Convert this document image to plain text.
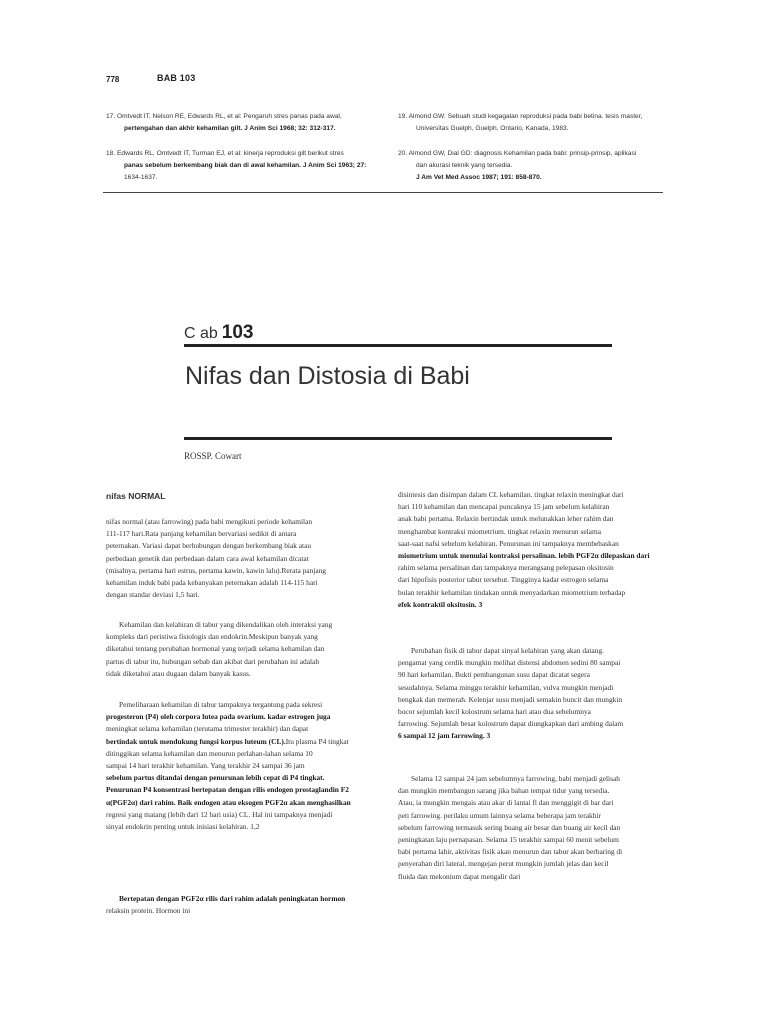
778	BAB 103
17. Omtvedt IT, Nelson RE, Edwards RL, et al: Pengaruh stres panas pada awal,
pertengahan dan akhir kehamilan gilt. J Anim Sci 1968; 32: 312-317.
18. Edwards RL, Omtvedt IT, Turman EJ, et al: kinerja reproduksi gilt berikut stres
panas sebelum berkembang biak dan di awal kehamilan. J Anim Sci 1963; 27:
1634-1637.
19. Almond GW: Sebuah studi kegagalan reproduksi pada babi betina. tesis master,
Universitas Guelph, Guelph, Ontario, Kanada, 1983.
20. Almond GW, Dial GD: diagnosis Kehamilan pada babi: prinsip-prinsip, aplikasi
dan akurasi teknik yang tersedia.
J Am Vet Med Assoc 1987; 191: 858-870.
C ab 103
Nifas dan Distosia di Babi
ROSSP. Cowart
nifas NORMAL
nifas normal (atau farrowing) pada babi mengikuti periode kehamilan
111-117 hari.Rata panjang kehamilan bervariasi sedikit di antara
peternakan. Variasi dapat berhubungan dengan berkembang biak atau
perbedaan genetik dan perbedaan dalam cara awal kehamilan dicatat
(misalnya, pertama hari estrus, pertama kawin, kawin lalu).Rerata panjang
kehamilan induk babi pada kebanyakan peternakan adalah 114-115 hari
dengan standar deviasi 1,5 hari.
Kehamilan dan kelahiran di tabur yang dikendalikan oleh interaksi yang
kompleks dari peristiwa fisiologis dan endokrin.Meskipun banyak yang
diketahui tentang perubahan hormonal yang terjadi selama kehamilan dan
partus di tabur itu, hubungan sebab dan akibat dari perubahan ini adalah
tidak diketahui atau dugaan dalam banyak kasus.
Pemeliharaan kehamilan di tabur tampaknya tergantung pada sekresi
progesteron (P4) oleh corpora lutea pada ovarium. kadar estrogen juga
meningkat selama kehamilan (terutama trimester terakhir) dan dapat
bertindak untuk mendukung fungsi korpus luteum (CL).Itu plasma P4 tingkat
ditinggikan selama kehamilan dan menurun perlahan-lahan selama 10
sampai 14 hari terakhir kehamilan. Yang terakhir 24 sampai 36 jam
sebelum partus ditandai dengan penurunan lebih cepat di P4 tingkat.
Penurunan P4 konsentrasi bertepatan dengan rilis endogen prostaglandin F2
α(PGF2α) dari rahim. Baik endogen atau eksogen PGF2α akan menghasilkan
regresi yang matang (lebih dari 12 hari usia) CL. Hal ini tampaknya menjadi
sinyal endokrin penting untuk inisiasi kelahiran. 1,2
Bertepatan dengan PGF2α rilis dari rahim adalah peningkatan hormon
relaksin protein. Hormon ini
disintesis dan disimpan dalam CL kehamilan. tingkat relaxin meningkat dari
hari 110 kehamilan dan mencapai puncaknya 15 jam sebelum kelahiran
anak babi pertama. Relaxin bertindak untuk melunakkan leher rahim dan
menghambat kontraksi miometrium. tingkat relaxin menurun selama
saat-saat nafsi sebelum kelahiran. Penurunan ini tampaknya membebaskan
miometrium untuk memulai kontraksi persalinan. lebih PGF2α dilepaskan dari
rahim selama persalinan dan tampaknya merangsang pelepasan oksitosin
dari hipofisis posterior tabur tersebut. Tingginya kadar estrogen selama
bulan terakhir kehamilan tindakan untuk menyadarkan miometrium terhadap
efek kontraktil oksitosin. 3
Perubahan fisik di tabur dapat sinyal kelahiran yang akan datang.
pengamat yang cerdik mungkin melihat distensi abdomen sedini 80 sampai
90 hari kehamilan. Bukti pembangunan susu dapat dicatat segera
sesudahnya. Selama minggu terakhir kehamilan, vulva mungkin menjadi
bengkak dan memerah. Kelenjar susu menjadi semakin buncit dan mungkin
bocor sejumlah kecil kolostrum selama hari atau dua sebelumnya
farrowing. Sejumlah besar kolostrum dapat diungkapkan dari ambing dalam
6 sampai 12 jam farrowing. 3
Selama 12 sampai 24 jam sebelumnya farrowing, babi menjadi gelisah
dan mungkin membangun sarang jika bahan tempat tidur yang tersedia.
Atau, ia mungkin mengais atau akar di lantai fl dan menggigit di bar dari
peti farrowing. perilaku umum lainnya selama beberapa jam terakhir
sebelum farrowing termasuk sering buang air besar dan buang air kecil dan
peningkatan laju pernapasan. Selama 15 terakhir sampai 60 menit sebelum
babi pertama lahir, aktivitas fisik akan menurun dan tabur akan berbaring di
penyerahan diri lateral. mengejan perut mungkin jumlah jelas dan kecil
fluida dan mekonium dapat mengalir dari
